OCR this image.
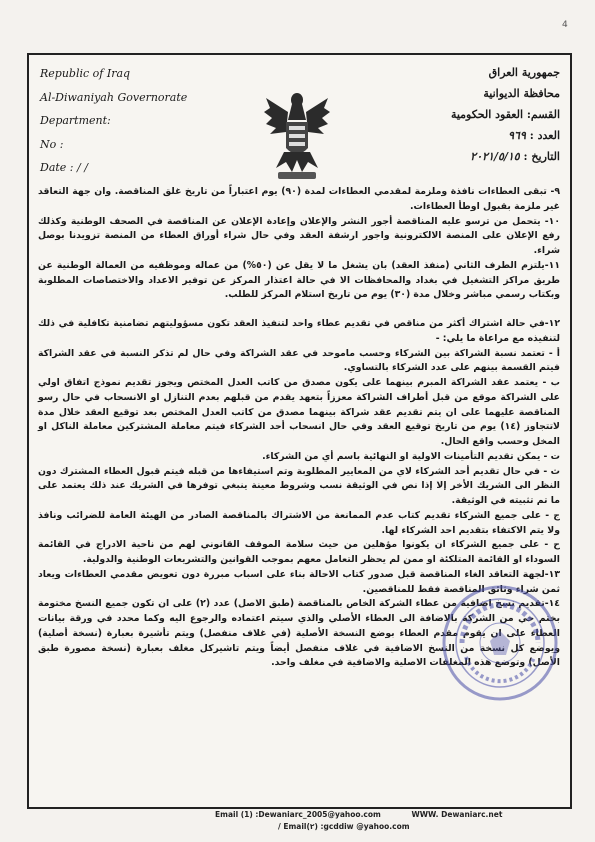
4
Republic of Iraq
Al-Diwaniyah Governorate
Department:
No :
Date : / /
جمهورية العراق
محافظة الديوانية
القسم: العقود الحكومية
العدد : ٩٦٩
التاريخ : ٢٠٢١/٥/١٥

٩- تبقى العطاءات نافذة وملزمة لمقدمي العطاءات لمدة (٩٠) يوم اعتباراً من تاريخ غلق المناقصة. وان جهة التعاقد غير ملزمة بقبول اوطأ العطاءات.

١٠- يتحمل من ترسو عليه المناقصة أجور النشر والإعلان وإعادة الإعلان عن المناقصة في الصحف الوطنية وكذلك رفع الإعلان على المنصة الالكترونية واجور ارشفة العقد وفي حال شراء أوراق العطاء من المنصة تزويدنا بوصل شراء.

١١-يلتزم الطرف الثاني (منفذ العقد) بان يشغل ما لا يقل عن (٥٠%) من عماله وموظفيه من العمالة الوطنية عن طريق مراكز التشغيل في بغداد والمحافظات الا في حالة اعتذار المركز عن توفير الاعداد والاختصاصات المطلوبة وبكتاب رسمي مباشر وخلال مدة (٣٠) يوم من تاريخ استلام المركز للطلب.

١٢-في حالة اشتراك أكثر من مناقص في تقديم عطاء واحد لتنفيذ العقد تكون مسؤوليتهم تضامنية تكافلية في ذلك لتنفيذه مع مراعاة ما يلي: -

أ - تعتمد نسبة الشراكة بين الشركاء وحسب ماموحد في عقد الشراكة وفي حال لم تذكر النسبة في عقد الشراكة فيتم القسمة بينهم على عدد الشركاء بالتساوي.

ب - يعتمد عقد الشراكة المبرم بينهما على يكون مصدق من كاتب العدل المختص ويجوز تقديم نموذج اتفاق اولي على الشراكة موقع من قبل أطراف الشراكة معززاً بتعهد يقدم من قبلهم بعدم التنازل او الانسحاب في حال رسو المناقصة عليهما على ان يتم تقديم عقد شراكة بينهما مصدق من كاتب العدل المختص بعد توقيع العقد خلال مدة لاتتجاوز (١٤) يوم من تاريخ توقيع العقد وفي حال انسحاب أحد الشركاء فيتم معاملة المشتركين معاملة الناكل او المخل وحسب واقع الحال.

ت - يمكن تقديم التأمينات الاولية او النهائية باسم أي من الشركاء.

ث - في حال تقديم أحد الشركاء لاي من المعايير المطلوبة وتم استيفاءها من قبله فيتم قبول العطاء المشترك دون النظر الى الشريك الأخر إلا إذا نص في الوثيقة نسب وشروط معينة ينبغي توفرها في الشريك عند ذلك يعتمد على ما تم تثبيته في الوثيقة.

ج - على جميع الشركاء تقديم كتاب عدم الممانعة من الاشتراك بالمناقصة الصادر من الهيئة العامة للضرائب ونافذ ولا يتم الاكتفاء بتقديم احد الشركاء لها.

ح - على جميع الشركاء ان يكونوا مؤهلين من حيث سلامة الموقف القانوني لهم من ناحية الادراج في القائمة السوداء او القائمة المتلكئة او ممن لم يحظر التعامل معهم بموجب القوانين والتشريعات الوطنية والدولية.

١٣-لجهة التعاقد الغاء المناقصة قبل صدور كتاب الاحالة بناء على اسباب مبررة دون تعويض مقدمي العطاءات ويعاد ثمن شراء وثائق المناقصة فقط للمناقصين.

١٤-تقديم نسخ اضافية من عطاء الشركة الخاص بالمناقصة (طبق الاصل) عدد (٢) على ان تكون جميع النسخ مختومة بختم حي من الشركة بالاضافة الى العطاء الأصلي والذي سيتم اعتماده والرجوع اليه وكما محدد في ورقة بيانات العطاء على ان يقوم مقدم العطاء بوضع النسخة الأصلية (في غلاف منفصل) ويتم تأشيرة بعبارة (نسخة أصلية) ويوضع كل نسخة من النسخ الاضافية في غلاف منفصل أيضاً ويتم تاشيركل مغلف بعبارة (نسخة مصورة طبق الأصل) وتوضع هذه المغلفات الاصلية والاضافية في مغلف واحد.

Email (1) :Dewaniarc_2005@yahoo.com	WWW. Dewaniarc.net
/ Email(٢) :gcddiw @yahoo.com
